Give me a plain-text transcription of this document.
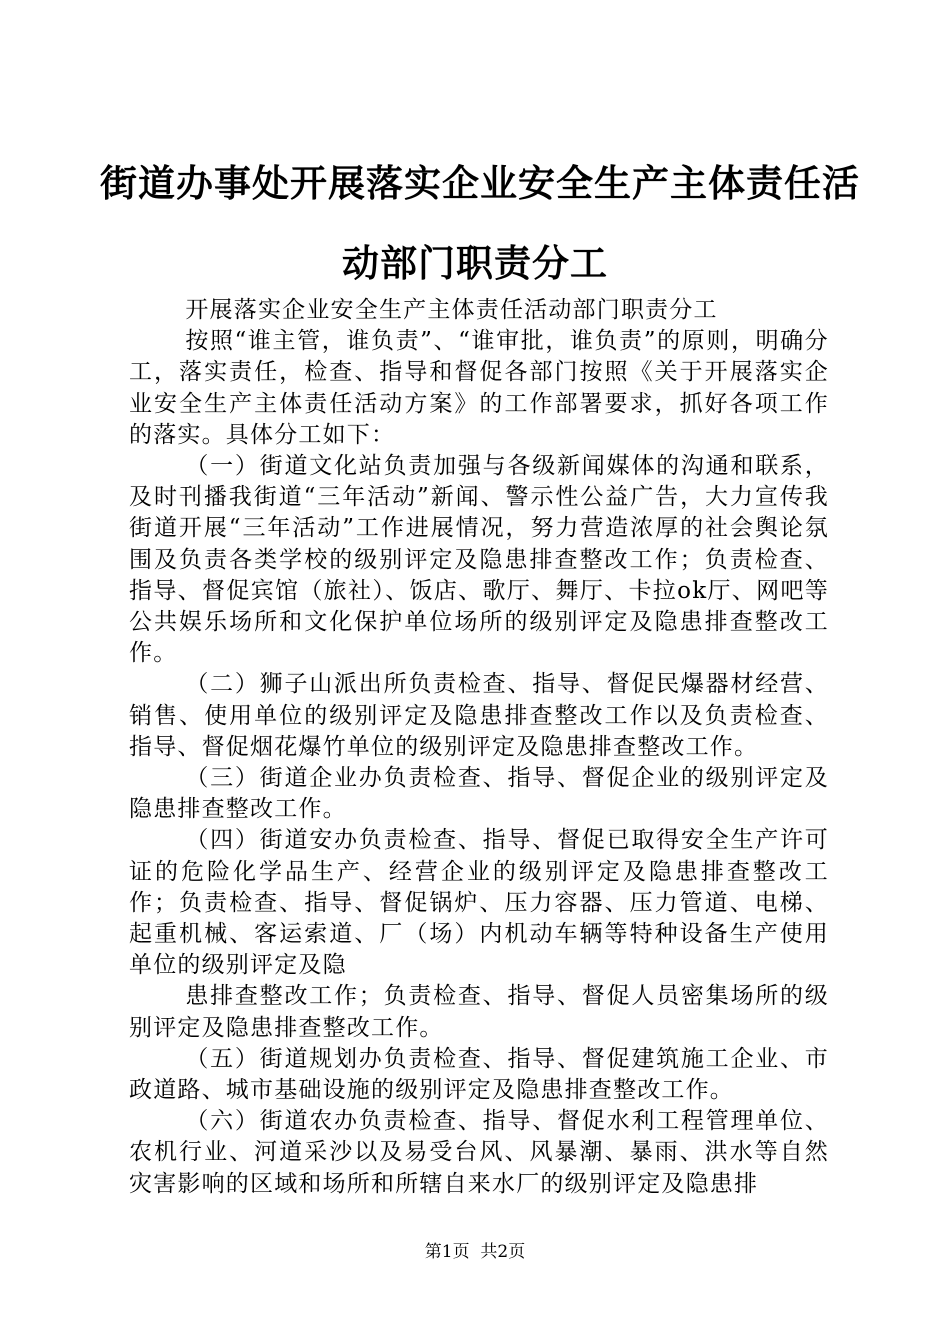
街道办事处开展落实企业安全生产主体责任活
动部门职责分工

开展落实企业安全生产主体责任活动部门职责分工

按照“谁主管，谁负责”、“谁审批，谁负责”的原则，明确分工，落实责任，检查、指导和督促各部门按照《关于开展落实企业安全生产主体责任活动方案》的工作部署要求，抓好各项工作的落实。具体分工如下：

（一）街道文化站负责加强与各级新闻媒体的沟通和联系，及时刊播我街道“三年活动”新闻、警示性公益广告，大力宣传我街道开展“三年活动”工作进展情况，努力营造浓厚的社会舆论氛围及负责各类学校的级别评定及隐患排查整改工作；负责检查、指导、督促宾馆（旅社）、饭店、歌厅、舞厅、卡拉ok厅、网吧等公共娱乐场所和文化保护单位场所的级别评定及隐患排查整改工作。

（二）狮子山派出所负责检查、指导、督促民爆器材经营、销售、使用单位的级别评定及隐患排查整改工作以及负责检查、指导、督促烟花爆竹单位的级别评定及隐患排查整改工作。

（三）街道企业办负责检查、指导、督促企业的级别评定及隐患排查整改工作。

（四）街道安办负责检查、指导、督促已取得安全生产许可证的危险化学品生产、经营企业的级别评定及隐患排查整改工作；负责检查、指导、督促锅炉、压力容器、压力管道、电梯、起重机械、客运索道、厂（场）内机动车辆等特种设备生产使用单位的级别评定及隐

患排查整改工作；负责检查、指导、督促人员密集场所的级别评定及隐患排查整改工作。

（五）街道规划办负责检查、指导、督促建筑施工企业、市政道路、城市基础设施的级别评定及隐患排查整改工作。

（六）街道农办负责检查、指导、督促水利工程管理单位、农机行业、河道采沙以及易受台风、风暴潮、暴雨、洪水等自然灾害影响的区域和场所和所辖自来水厂的级别评定及隐患排

第1页  共2页
